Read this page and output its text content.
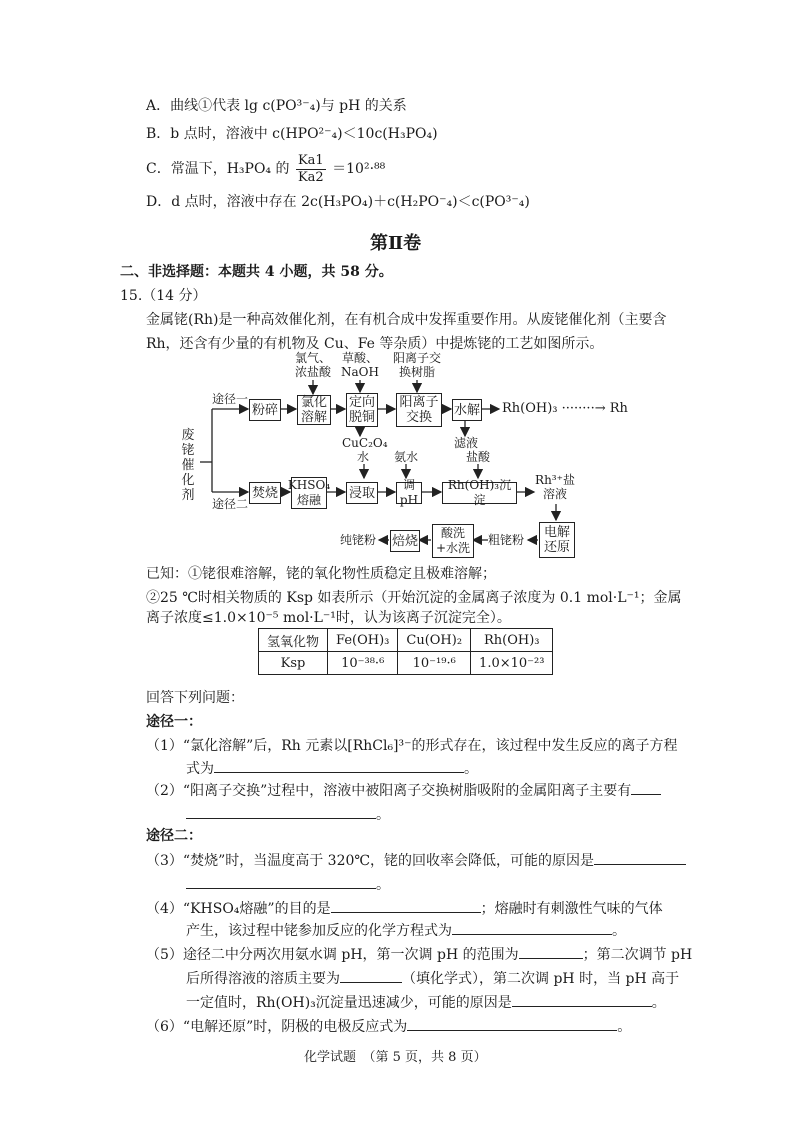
A．曲线①代表 lg c(PO³⁻₄)与 pH 的关系
B．b 点时，溶液中 c(HPO²⁻₄)＜10c(H₃PO₄)
C．常温下，H₃PO₄ 的 $\frac{Ka1}{Ka2} =10^2\cdot^{88}$
D．d 点时，溶液中存在 2c(H₃PO₄)＋c(H₂PO⁻₄)＜c(PO³⁻₄)
第Ⅱ卷
二、非选择题：本题共 4 小题，共 58 分。
15.（14 分）
金属铑(Rh)是一种高效催化剂，在有机合成中发挥重要作用。从废铑催化剂（主要含
Rh，还含有少量的有机物及 Cu、Fe 等杂质）中提炼铑的工艺如图所示。
废铑催化剂
途径一
途径二
氯气、浓盐酸
草酸、NaOH
阳离子交换树脂
粉碎	氯化溶解
定向脱铜
阳离子交换	水解 Rh(OH)₃ ········→ Rh
CuC₂O₄	滤液
水 氨水	盐酸
焚烧
KHSO₄熔融	浸取
调pH
Rh(OH)₃沉淀
Rh³⁺盐溶液
电解还原
粗铑粉
酸洗+水洗
焙烧
纯铑粉
已知：①铑很难溶解，铑的氧化物性质稳定且极难溶解；
②25 ℃时相关物质的 Ksp 如表所示（开始沉淀的金属离子浓度为 0.1 mol·L⁻¹；金属
离子浓度≤1.0×10⁻⁵ mol·L⁻¹时，认为该离子沉淀完全）。
氢氧化物	Fe(OH)₃	Cu(OH)₂	Rh(OH)₃
Ksp	10⁻³⁸·⁶	10⁻¹⁹·⁶	1.0×10⁻²³
回答下列问题：
途径一：
（1）“氯化溶解”后，Rh 元素以[RhCl₆]³⁻的形式存在，该过程中发生反应的离子方程
式为	。
（2）“阳离子交换”过程中，溶液中被阳离子交换树脂吸附的金属阳离子主要有
。
途径二：
（3）“焚烧”时，当温度高于 320℃，铑的回收率会降低，可能的原因是
。
（4）“KHSO₄熔融”的目的是	；熔融时有刺激性气味的气体
产生，该过程中铑参加反应的化学方程式为	。
（5）途径二中分两次用氨水调 pH，第一次调 pH 的范围为	；第二次调节 pH
后所得溶液的溶质主要为	（填化学式），第二次调 pH 时，当 pH 高于
一定值时，Rh(OH)₃沉淀量迅速减少，可能的原因是	。
（6）“电解还原”时，阴极的电极反应式为	。
化学试题　（第 5 页，共 8 页）
